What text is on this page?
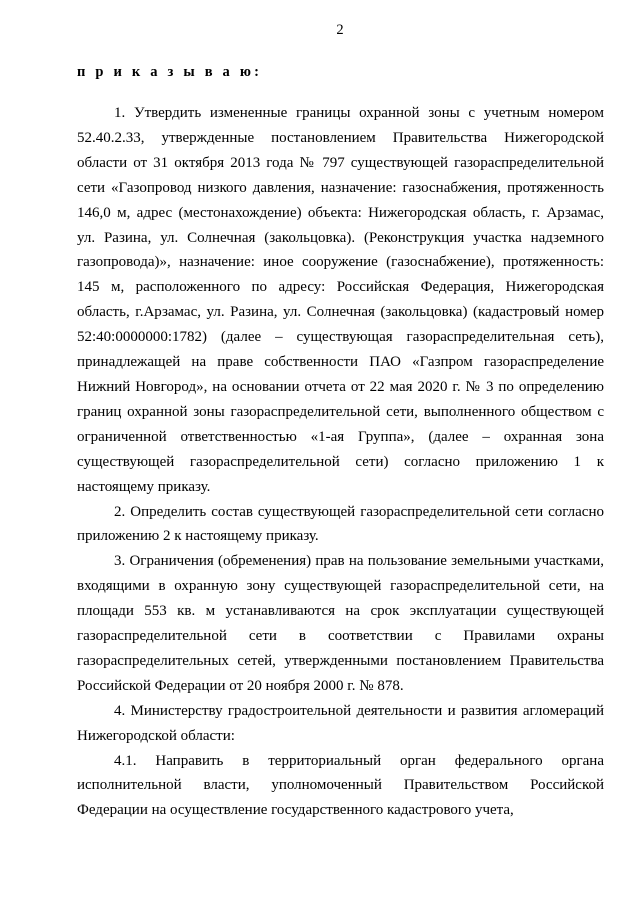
2
п р и к а з ы в а ю:

1. Утвердить измененные границы охранной зоны с учетным номером 52.40.2.33, утвержденные постановлением Правительства Нижегородской области от 31 октября 2013 года № 797 существующей газораспределительной сети «Газопровод низкого давления, назначение: газоснабжения, протяженность 146,0 м, адрес (местонахождение) объекта: Нижегородская область, г. Арзамас, ул. Разина, ул. Солнечная (закольцовка). (Реконструкция участка надземного газопровода)», назначение: иное сооружение (газоснабжение), протяженность: 145 м, расположенного по адресу: Российская Федерация, Нижегородская область, г.Арзамас, ул. Разина, ул. Солнечная (закольцовка) (кадастровый номер 52:40:0000000:1782) (далее – существующая газораспределительная сеть), принадлежащей на праве собственности ПАО «Газпром газораспределение Нижний Новгород», на основании отчета от 22 мая 2020 г. № 3 по определению границ охранной зоны газораспределительной сети, выполненного обществом с ограниченной ответственностью «1-ая Группа», (далее – охранная зона существующей газораспределительной сети) согласно приложению 1 к настоящему приказу.

2. Определить состав существующей газораспределительной сети согласно приложению 2 к настоящему приказу.

3. Ограничения (обременения) прав на пользование земельными участками, входящими в охранную зону существующей газораспределительной сети, на площади 553 кв. м устанавливаются на срок эксплуатации существующей газораспределительной сети в соответствии с Правилами охраны газораспределительных сетей, утвержденными постановлением Правительства Российской Федерации от 20 ноября 2000 г. № 878.

4. Министерству градостроительной деятельности и развития агломераций Нижегородской области:

4.1. Направить в территориальный орган федерального органа исполнительной власти, уполномоченный Правительством Российской Федерации на осуществление государственного кадастрового учета,
